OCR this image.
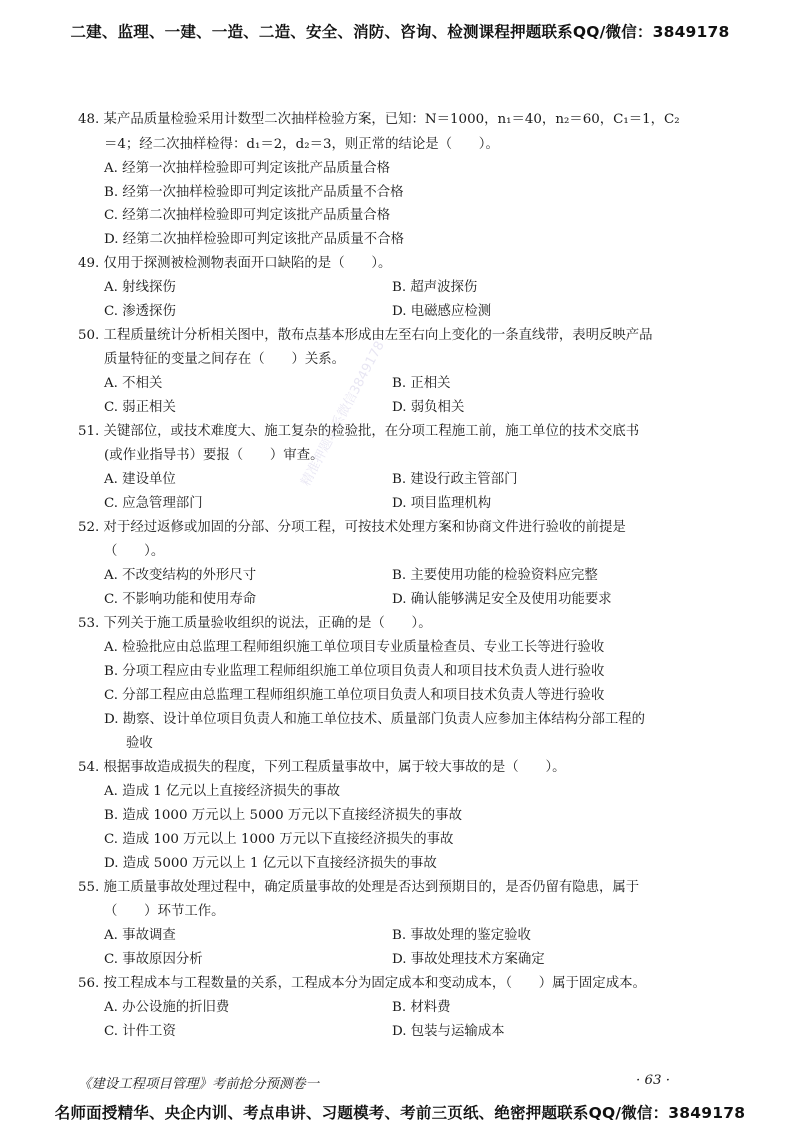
二建、监理、一建、一造、二造、安全、消防、咨询、检测课程押题联系QQ/微信：3849178
48. 某产品质量检验采用计数型二次抽样检验方案，已知：N＝1000，n₁＝40，n₂＝60，C₁＝1，C₂
＝4；经二次抽样检得：d₁＝2，d₂＝3，则正常的结论是（　　）。
A. 经第一次抽样检验即可判定该批产品质量合格
B. 经第一次抽样检验即可判定该批产品质量不合格
C. 经第二次抽样检验即可判定该批产品质量合格
D. 经第二次抽样检验即可判定该批产品质量不合格
49. 仅用于探测被检测物表面开口缺陷的是（　　）。
A. 射线探伤	B. 超声波探伤
C. 渗透探伤	D. 电磁感应检测
50. 工程质量统计分析相关图中，散布点基本形成由左至右向上变化的一条直线带，表明反映产品
质量特征的变量之间存在（　　）关系。
A. 不相关	B. 正相关
C. 弱正相关	D. 弱负相关
51. 关键部位，或技术难度大、施工复杂的检验批，在分项工程施工前，施工单位的技术交底书
(或作业指导书）要报（　　）审查。
A. 建设单位	B. 建设行政主管部门
C. 应急管理部门	D. 项目监理机构
52. 对于经过返修或加固的分部、分项工程，可按技术处理方案和协商文件进行验收的前提是
（　　）。
A. 不改变结构的外形尺寸	B. 主要使用功能的检验资料应完整
C. 不影响功能和使用寿命	D. 确认能够满足安全及使用功能要求
53. 下列关于施工质量验收组织的说法，正确的是（　　）。
A. 检验批应由总监理工程师组织施工单位项目专业质量检查员、专业工长等进行验收
B. 分项工程应由专业监理工程师组织施工单位项目负责人和项目技术负责人进行验收
C. 分部工程应由总监理工程师组织施工单位项目负责人和项目技术负责人等进行验收
D. 勘察、设计单位项目负责人和施工单位技术、质量部门负责人应参加主体结构分部工程的
验收
54. 根据事故造成损失的程度，下列工程质量事故中，属于较大事故的是（　　）。
A. 造成 1 亿元以上直接经济损失的事故
B. 造成 1000 万元以上 5000 万元以下直接经济损失的事故
C. 造成 100 万元以上 1000 万元以下直接经济损失的事故
D. 造成 5000 万元以上 1 亿元以下直接经济损失的事故
55. 施工质量事故处理过程中，确定质量事故的处理是否达到预期目的，是否仍留有隐患，属于
（　　）环节工作。
A. 事故调查	B. 事故处理的鉴定验收
C. 事故原因分析	D. 事故处理技术方案确定
56. 按工程成本与工程数量的关系，工程成本分为固定成本和变动成本，（　　）属于固定成本。
A. 办公设施的折旧费	B. 材料费
C. 计件工资	D. 包装与运输成本
精准押题联系微信3849178
《建设工程项目管理》考前抢分预测卷一	· 63 ·
名师面授精华、央企内训、考点串讲、习题模考、考前三页纸、绝密押题联系QQ/微信：3849178
